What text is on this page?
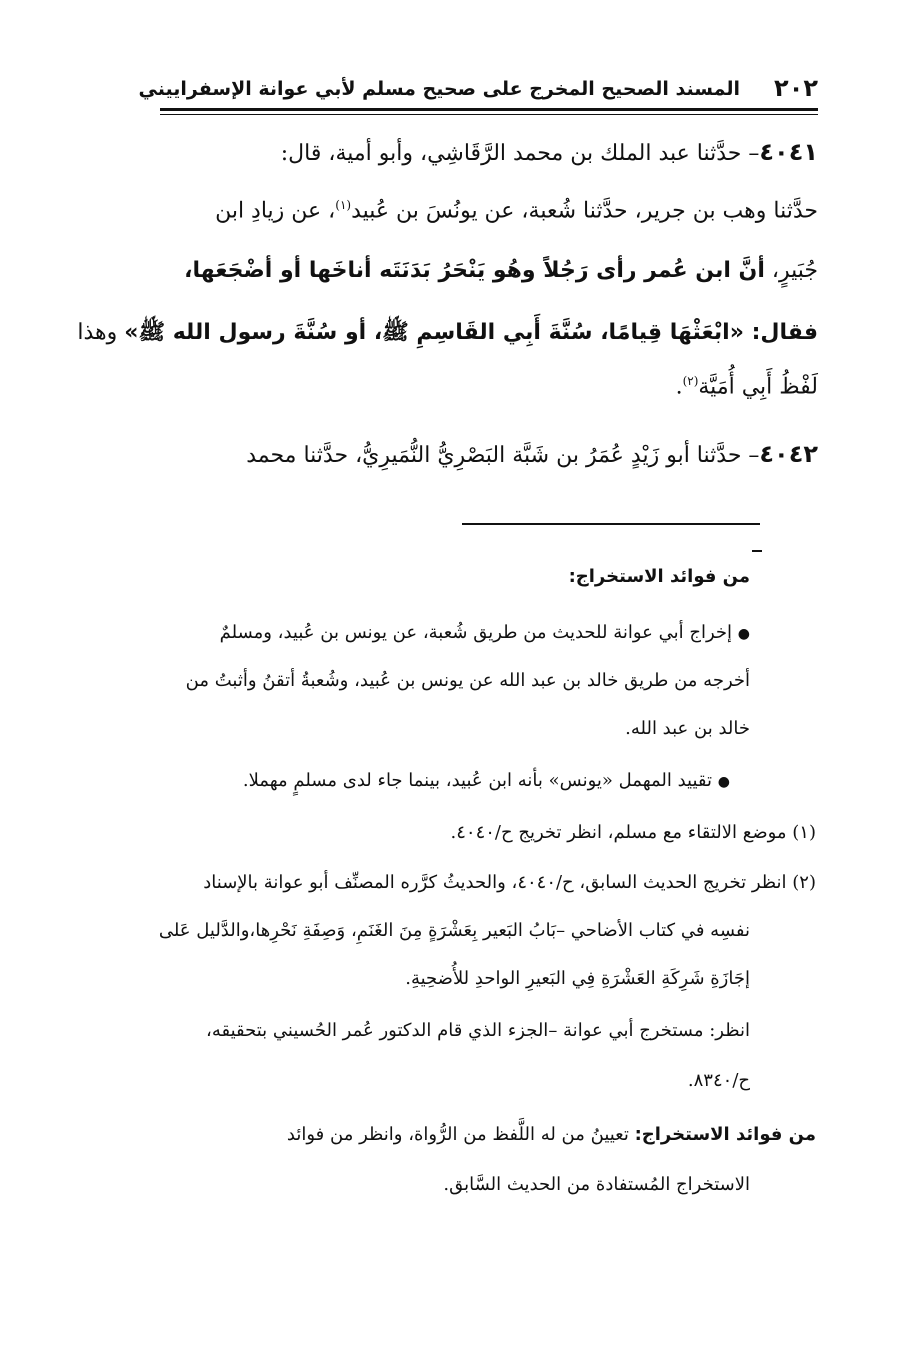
٢٠٢
المسند الصحيح المخرج على صحيح مسلم لأبي عوانة الإسفراييني
٤٠٤١– حدَّثنا عبد الملك بن محمد الرَّقَاشِي، وأبو أمية، قال:
حدَّثنا وهب بن جرير، حدَّثنا شُعبة، عن يونُسَ بن عُبيد$^{(١)}$، عن زيادِ ابن
جُبَيرٍ، أنَّ ابن عُمر رأى رَجُلاً وهُو يَنْحَرُ بَدَنَتَه أناخَها أو أضْجَعَها،
فقال: «ابْعَثْهَا قِيامًا، سُنَّةَ أَبِي القَاسِمِ ﷺ، أو سُنَّةَ رسول الله ﷺ» وهذا
لَفْظُ أَبِي أُمَيَّة$^{(٢)}$.
٤٠٤٢– حدَّثنا أبو زَيْدٍ عُمَرُ بن شَبَّة البَصْرِيُّ النُّمَيرِيُّ، حدَّثنا محمد
من فوائد الاستخراج:
● إخراج أبي عوانة للحديث من طريق شُعبة، عن يونس بن عُبيد، ومسلمٌ
أخرجه من طريق خالد بن عبد الله عن يونس بن عُبيد، وشُعبةُ أتقنُ وأثبتُ من
خالد بن عبد الله.
● تقييد المهمل «يونس» بأنه ابن عُبيد، بينما جاء لدى مسلمٍ مهملا.
(١) موضع الالتقاء مع مسلم، انظر تخريج ح/٤٠٤٠.
(٢) انظر تخريج الحديث السابق، ح/٤٠٤٠، والحديثُ كرَّره المصنِّف أبو عوانة بالإسناد
نفسِه في كتاب الأضاحي –بَابُ البَعير بِعَشْرَةٍ مِنَ الغَنَمِ، وَصِفَةِ نَحْرِها،والدَّليل عَلى
إجَازَةِ شَرِكَةِ العَشْرَةِ فِي البَعيرِ الواحدِ للأُضحِيةِ.
انظر: مستخرج أبي عوانة –الجزء الذي قام الدكتور عُمر الحُسيني بتحقيقه،
ح/٨٣٤٠.
من فوائد الاستخراج: تعيينُ من له اللَّفظ من الرُّواة، وانظر من فوائد
الاستخراج المُستفادة من الحديث السَّابق.
